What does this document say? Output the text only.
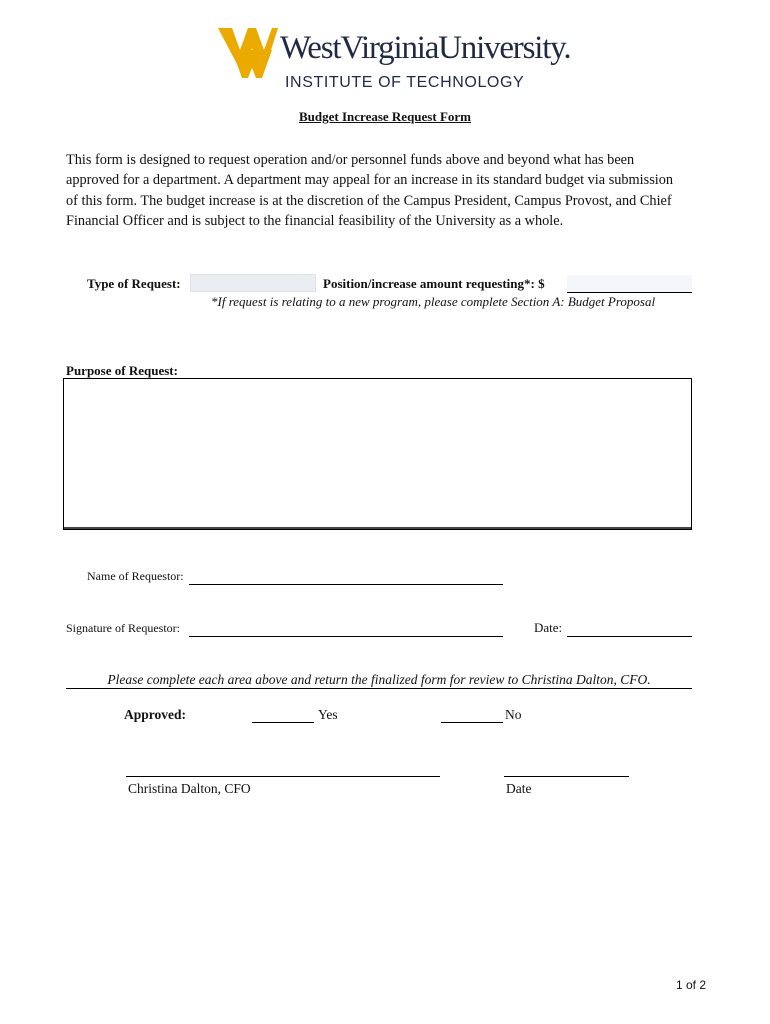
WestVirginiaUniversity.
INSTITUTE OF TECHNOLOGY
Budget Increase Request Form
This form is designed to request operation and/or personnel funds above and beyond what has been approved for a department. A department may appeal for an increase in its standard budget via submission of this form. The budget increase is at the discretion of the Campus President, Campus Provost, and Chief Financial Officer and is subject to the financial feasibility of the University as a whole.
Type of Request:	Position/increase amount requesting*: $
*If request is relating to a new program, please complete Section A: Budget Proposal
Purpose of Request:
Name of Requestor:
Signature of Requestor:	Date:
Please complete each area above and return the finalized form for review to Christina Dalton, CFO.
Approved:	Yes	No
Christina Dalton, CFO	Date
1 of 2
